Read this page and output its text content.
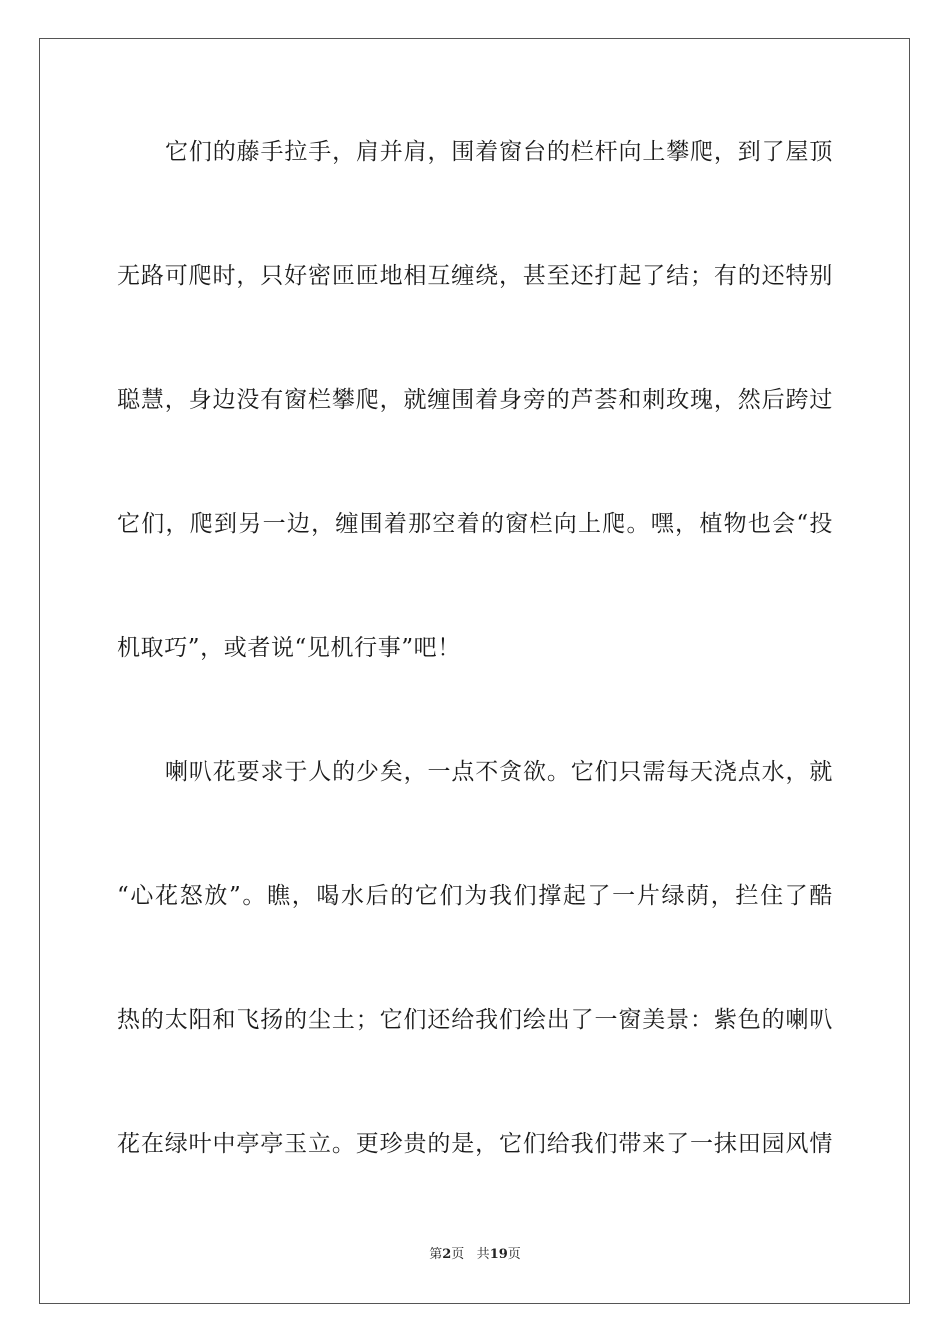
它们的藤手拉手，肩并肩，围着窗台的栏杆向上攀爬，到了屋顶
无路可爬时，只好密匝匝地相互缠绕，甚至还打起了结；有的还特别
聪慧，身边没有窗栏攀爬，就缠围着身旁的芦荟和刺玫瑰，然后跨过
它们，爬到另一边，缠围着那空着的窗栏向上爬。嘿，植物也会“投
机取巧”，或者说“见机行事”吧！
喇叭花要求于人的少矣，一点不贪欲。它们只需每天浇点水，就
“心花怒放”。瞧，喝水后的它们为我们撑起了一片绿荫，拦住了酷
热的太阳和飞扬的尘土；它们还给我们绘出了一窗美景：紫色的喇叭
花在绿叶中亭亭玉立。更珍贵的是，它们给我们带来了一抹田园风情
第2页 共19页
